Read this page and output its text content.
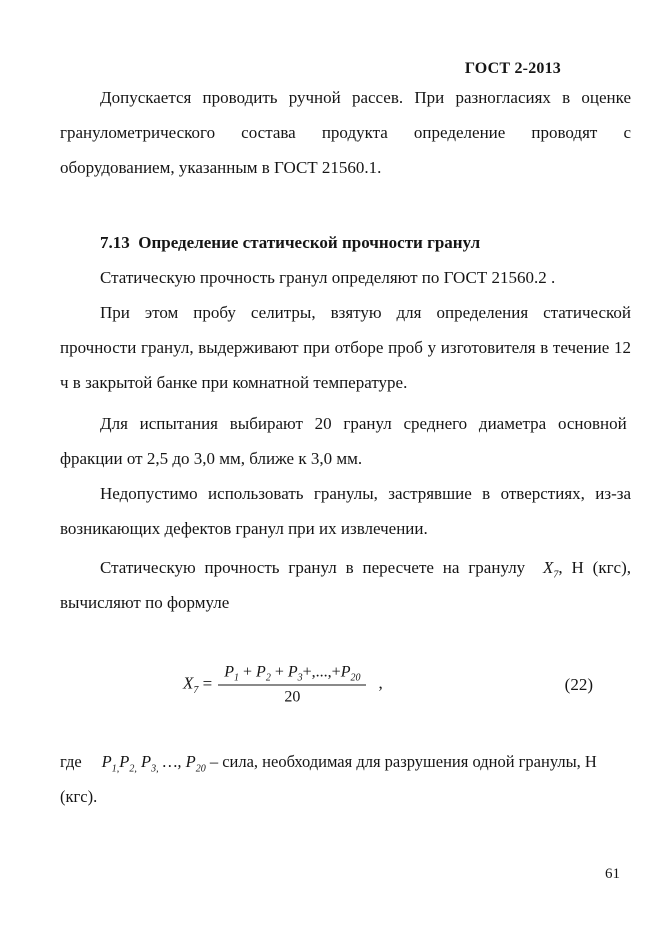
ГОСТ 2-2013

Допускается проводить ручной рассев. При разногласиях в оценке гранулометрического состава продукта определение проводят с оборудованием, указанным в ГОСТ 21560.1.

7.13  Определение статической прочности гранул

Статическую прочность гранул определяют по ГОСТ 21560.2 .

При этом пробу селитры, взятую для определения статической прочности гранул, выдерживают при отборе проб у изготовителя в течение 12 ч в закрытой банке при комнатной температуре.

Для испытания выбирают 20 гранул среднего диаметра основной  фракции от 2,5 до 3,0 мм, ближе к 3,0 мм.

Недопустимо использовать гранулы, застрявшие в отверстиях, из-за возникающих дефектов гранул при их извлечении.

Статическую прочность гранул в пересчете на гранулу  $X_7$, Н (кгс), вычисляют по формуле

$X_7$ =
$P_1 + P_2 + P_3+,...,+P_{20}$
20
,	(22)

где $P_{1,}P_{2,}$ $P_{3,}$ …, $P_{20}$ – сила, необходимая для разрушения одной гранулы, Н (кгс).

61
